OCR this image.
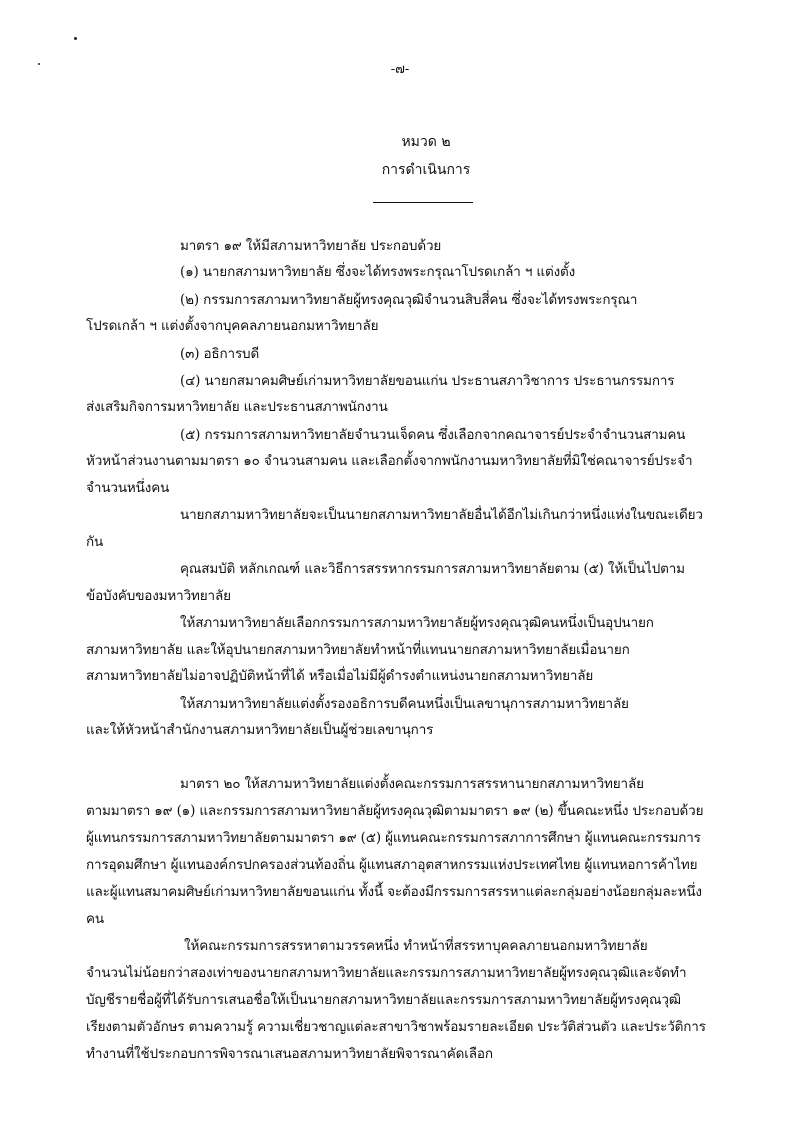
-๗-
หมวด ๒
การดำเนินการ
มาตรา ๑๙ ให้มีสภามหาวิทยาลัย ประกอบด้วย
(๑) นายกสภามหาวิทยาลัย ซึ่งจะได้ทรงพระกรุณาโปรดเกล้า ฯ แต่งตั้ง
(๒) กรรมการสภามหาวิทยาลัยผู้ทรงคุณวุฒิจำนวนสิบสี่คน ซึ่งจะได้ทรงพระกรุณา
โปรดเกล้า ฯ แต่งตั้งจากบุคคลภายนอกมหาวิทยาลัย
(๓) อธิการบดี
(๔) นายกสมาคมศิษย์เก่ามหาวิทยาลัยขอนแก่น ประธานสภาวิชาการ ประธานกรรมการ
ส่งเสริมกิจการมหาวิทยาลัย และประธานสภาพนักงาน
(๕) กรรมการสภามหาวิทยาลัยจำนวนเจ็ดคน ซึ่งเลือกจากคณาจารย์ประจำจำนวนสามคน
หัวหน้าส่วนงานตามมาตรา ๑๐ จำนวนสามคน และเลือกตั้งจากพนักงานมหาวิทยาลัยที่มิใช่คณาจารย์ประจำ
จำนวนหนึ่งคน
นายกสภามหาวิทยาลัยจะเป็นนายกสภามหาวิทยาลัยอื่นได้อีกไม่เกินกว่าหนึ่งแห่งในขณะเดียว
กัน
คุณสมบัติ หลักเกณฑ์ และวิธีการสรรหากรรมการสภามหาวิทยาลัยตาม (๕) ให้เป็นไปตาม
ข้อบังคับของมหาวิทยาลัย
ให้สภามหาวิทยาลัยเลือกกรรมการสภามหาวิทยาลัยผู้ทรงคุณวุฒิคนหนึ่งเป็นอุปนายก
สภามหาวิทยาลัย และให้อุปนายกสภามหาวิทยาลัยทำหน้าที่แทนนายกสภามหาวิทยาลัยเมื่อนายก
สภามหาวิทยาลัยไม่อาจปฏิบัติหน้าที่ได้ หรือเมื่อไม่มีผู้ดำรงตำแหน่งนายกสภามหาวิทยาลัย
ให้สภามหาวิทยาลัยแต่งตั้งรองอธิการบดีคนหนึ่งเป็นเลขานุการสภามหาวิทยาลัย
และให้หัวหน้าสำนักงานสภามหาวิทยาลัยเป็นผู้ช่วยเลขานุการ
มาตรา ๒๐ ให้สภามหาวิทยาลัยแต่งตั้งคณะกรรมการสรรหานายกสภามหาวิทยาลัย
ตามมาตรา ๑๙ (๑) และกรรมการสภามหาวิทยาลัยผู้ทรงคุณวุฒิตามมาตรา ๑๙ (๒) ขึ้นคณะหนึ่ง ประกอบด้วย
ผู้แทนกรรมการสภามหาวิทยาลัยตามมาตรา ๑๙ (๕) ผู้แทนคณะกรรมการสภาการศึกษา ผู้แทนคณะกรรมการ
การอุดมศึกษา ผู้แทนองค์กรปกครองส่วนท้องถิ่น ผู้แทนสภาอุตสาหกรรมแห่งประเทศไทย ผู้แทนหอการค้าไทย
และผู้แทนสมาคมศิษย์เก่ามหาวิทยาลัยขอนแก่น ทั้งนี้ จะต้องมีกรรมการสรรหาแต่ละกลุ่มอย่างน้อยกลุ่มละหนึ่ง
คน
ให้คณะกรรมการสรรหาตามวรรคหนึ่ง ทำหน้าที่สรรหาบุคคลภายนอกมหาวิทยาลัย
จำนวนไม่น้อยกว่าสองเท่าของนายกสภามหาวิทยาลัยและกรรมการสภามหาวิทยาลัยผู้ทรงคุณวุฒิและจัดทำ
บัญชีรายชื่อผู้ที่ได้รับการเสนอชื่อให้เป็นนายกสภามหาวิทยาลัยและกรรมการสภามหาวิทยาลัยผู้ทรงคุณวุฒิ
เรียงตามตัวอักษร ตามความรู้ ความเชี่ยวชาญแต่ละสาขาวิชาพร้อมรายละเอียด ประวัติส่วนตัว และประวัติการ
ทำงานที่ใช้ประกอบการพิจารณาเสนอสภามหาวิทยาลัยพิจารณาคัดเลือก
